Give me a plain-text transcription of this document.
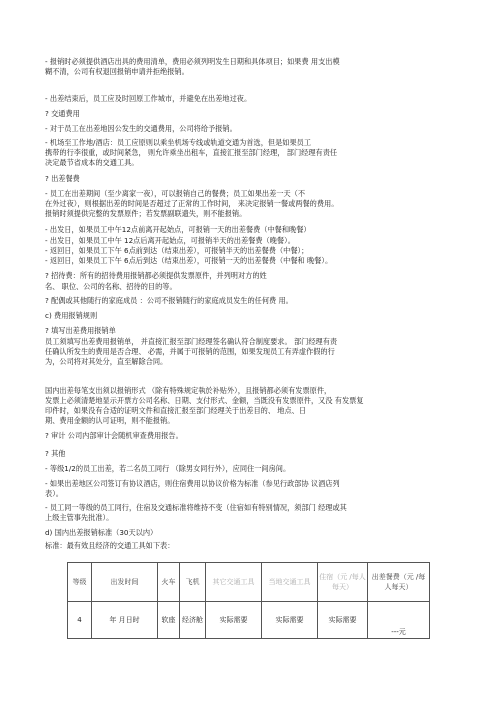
- 报销时必须提供酒店出具的费用清单，费用必须列明发生日期和具体项目；如果费 用支出模
糊不清，公司有权退回报销申请并拒绝报销。
- 出差结束后，员工应及时回原工作城市，并避免在出差地过夜。
? 交通费用
- 对于员工在出差地因公发生的交通费用，公司将给予报销。
- 机场至工作地/酒店：员工应原则以乘坐机场专线或轨道交通为首选，但是如果员工
携带的行李很重，或时间紧急， 则允许乘坐出租车，直接汇报至部门经理， 部门经理有责任
决定最节省成本的交通工具。
? 出差餐费
- 员工在出差期间（至少离家一夜），可以报销自己的餐费；员工如果出差一天（不
在外过夜），则根据出差的时间是否超过了正常的工作时间， 来决定报销一餐或两餐的费用。
报销时须提供完整的发票原件；若发票副联遗失，则不能报销。
- 出发日，如果员工中午12点前离开起始点，可报销一天的出差餐费（中餐和晚餐）
- 出发日，如果员工中午 12点后离开起始点，可报销半天的出差餐费（晚餐）。
- 返回日，如果员工下午 6点前到达（结束出差），可报销半天的出差餐费（中餐）；
- 返回日，如果员工下午 6点后到达（结束出差），可报销一天的出差餐费（中餐和 晚餐）。
? 招待费：所有的招待费用报销都必须提供发票原件，并列明对方的姓
名、 职位、公司的名称、招待的目的等。
? 配偶或其他随行的家庭成员 ：公司不报销随行的家庭成员发生的任何费 用。
c) 费用报销规则
? 填写出差费用报销单
员工须填写出差费用报销单， 并直接汇报至部门经理签名确认符合制度要求。 部门经理有责
任确认所发生的费用是否合理、 必需，并属于可报销的范围，如果发现员工有弄虚作假的行
为，公司将对其处分，直至解除合同。
国内出差每笔支出须以报销形式 （除有特殊规定執於补贴外），且报销都必须有发票原件，
发票上必须清楚地显示开票方公司名称、日期、支付形式、金额，当既没有发票原件，又没 有发票复
印件时，如果没有合适的证明文件和直接汇报至部门经理关于出差目的、 地点、日
期、费用金额的认可证明，则不能报销。
? 审计 公司内部审计会随机审查费用报告。
? 其他
- 等级1/2的员工出差，若二名员工同行 （除男女同行外），应同住一间房间。
- 如果出差地区公司签订有协议酒店，则住宿费用以协议价格为标准（参见行政部协 议酒店列
表）。
- 员工同一等级的员工同行，住宿及交通标准将维持不变（住宿如有特别情况，须部门 经理或其
上级主管事先批准）。
d) 国内出差报销标准（30天以内）
标准：最有效且经济的交通工具如下表：
等级	出发时间	火车	飞机	其它交通工具	当地交通工具	住宿（元 /每人每天）	出差餐费（元 /每人每天）
4	年 月日时	软座	经济舱	实际需要	实际需要	实际需要	---元
